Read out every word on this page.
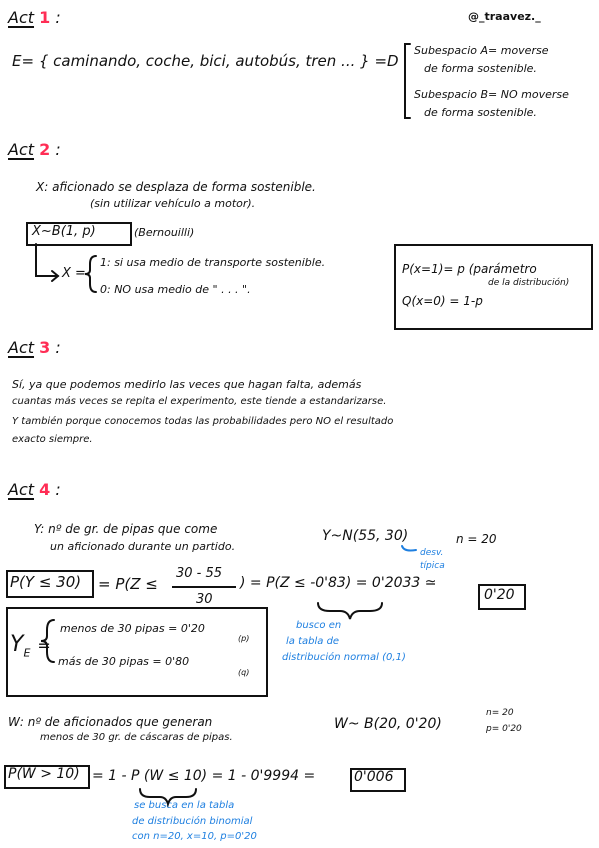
@_traavez._
Act 1 :
E= { caminando, coche, bici, autobús, tren ... } =D
Subespacio A= moverse
de forma sostenible.
Subespacio B= NO moverse
de forma sostenible.
Act 2 :
X: aficionado se desplaza de forma sostenible.
(sin utilizar vehículo a motor).
X~B(1, p)	(Bernouilli)
X =
1: si usa medio de transporte sostenible.
0: NO usa medio de " . . . ".
P(x=1)= p (parámetro
de la distribución)
Q(x=0) = 1-p
Act 3 :
Sí, ya que podemos medirlo las veces que hagan falta, además
cuantas más veces se repita el experimento, este tiende a estandarizarse.
Y también porque conocemos todas las probabilidades pero NO el resultado
exacto siempre.
Act 4 :
Y: nº de gr. de pipas que come
un aficionado durante un partido.
Y~N(55, 30)	n = 20
desv.
típica
P(Y ≤ 30) = P(Z ≤
30 - 55
30
) = P(Z ≤ -0'83) = 0'2033 ≃
0'20
busco en
la tabla de
distribución normal (0,1)
$Y_E$ =
menos de 30 pipas = 0'20
(p)
más de 30 pipas = 0'80
(q)
W: nº de aficionados que generan
menos de 30 gr. de cáscaras de pipas.
W~ B(20, 0'20)
n= 20
p= 0'20
P(W > 10) = 1 - P (W ≤ 10) = 1 - 0'9994 =	0'006
se busca en la tabla
de distribución binomial
con n=20, x=10, p=0'20
